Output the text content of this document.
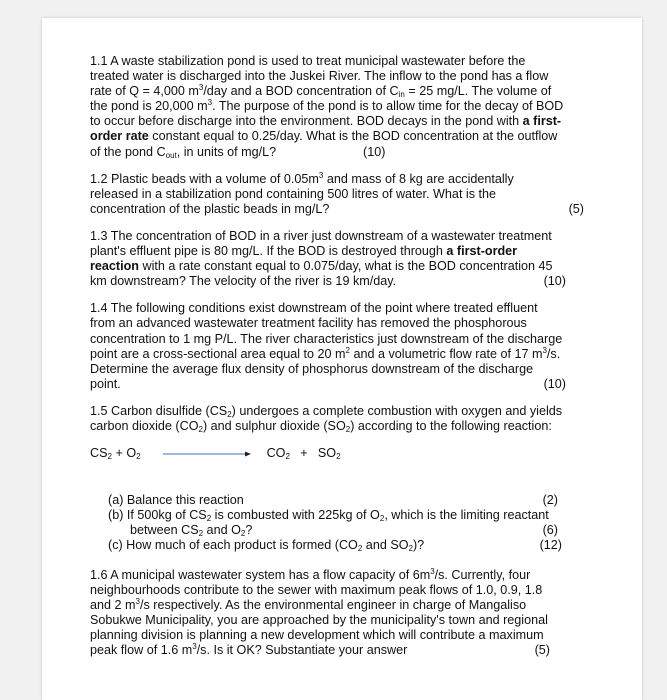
1.1 A waste stabilization pond is used to treat municipal wastewater before the
treated water is discharged into the Juskei River. The inflow to the pond has a flow
rate of Q = 4,000 $m^3$/day and a BOD concentration of $C_{in} = 25$ mg/L. The volume of
the pond is 20,000 $m^3$. The purpose of the pond is to allow time for the decay of BOD
to occur before discharge into the environment. BOD decays in the pond with a first-
order rate constant equal to 0.25/day. What is the BOD concentration at the outflow
of the pond $C_{out}$, in units of mg/L?	(10)
1.2 Plastic beads with a volume of $0.05m^3$ and mass of 8 kg are accidentally
released in a stabilization pond containing 500 litres of water. What is the
concentration of the plastic beads in mg/L?	(5)
1.3 The concentration of BOD in a river just downstream of a wastewater treatment
plant's effluent pipe is 80 mg/L. If the BOD is destroyed through a first-order
reaction with a rate constant equal to 0.075/day, what is the BOD concentration 45
km downstream? The velocity of the river is 19 km/day.	(10)
1.4 The following conditions exist downstream of the point where treated effluent
from an advanced wastewater treatment facility has removed the phosphorous
concentration to 1 mg P/L. The river characteristics just downstream of the discharge
point are a cross-sectional area equal to 20 $m^2$ and a volumetric flow rate of 17 $m^3/s$.
Determine the average flux density of phosphorus downstream of the discharge
point.	(10)
1.5 Carbon disulfide $(CS_2)$ undergoes a complete combustion with oxygen and yields
carbon dioxide $(CO_2)$ and sulphur dioxide $(SO_2)$ according to the following reaction:
$CS_2 + O_2$	$CO_2 + SO_2$
(a) Balance this reaction	(2)
(b) If 500kg of $CS_2$ is combusted with 225kg of $O_2$, which is the limiting reactant
between $CS_2$ and $O_2$?	(6)
(c) How much of each product is formed ($CO_2$ and $SO_2$)?	(12)
1.6 A municipal wastewater system has a flow capacity of $6m^3/s$. Currently, four
neighbourhoods contribute to the sewer with maximum peak flows of 1.0, 0.9, 1.8
and 2 $m^3/s$ respectively. As the environmental engineer in charge of Mangaliso
Sobukwe Municipality, you are approached by the municipality's town and regional
planning division is planning a new development which will contribute a maximum
peak flow of 1.6 $m^3/s$. Is it OK? Substantiate your answer	(5)
